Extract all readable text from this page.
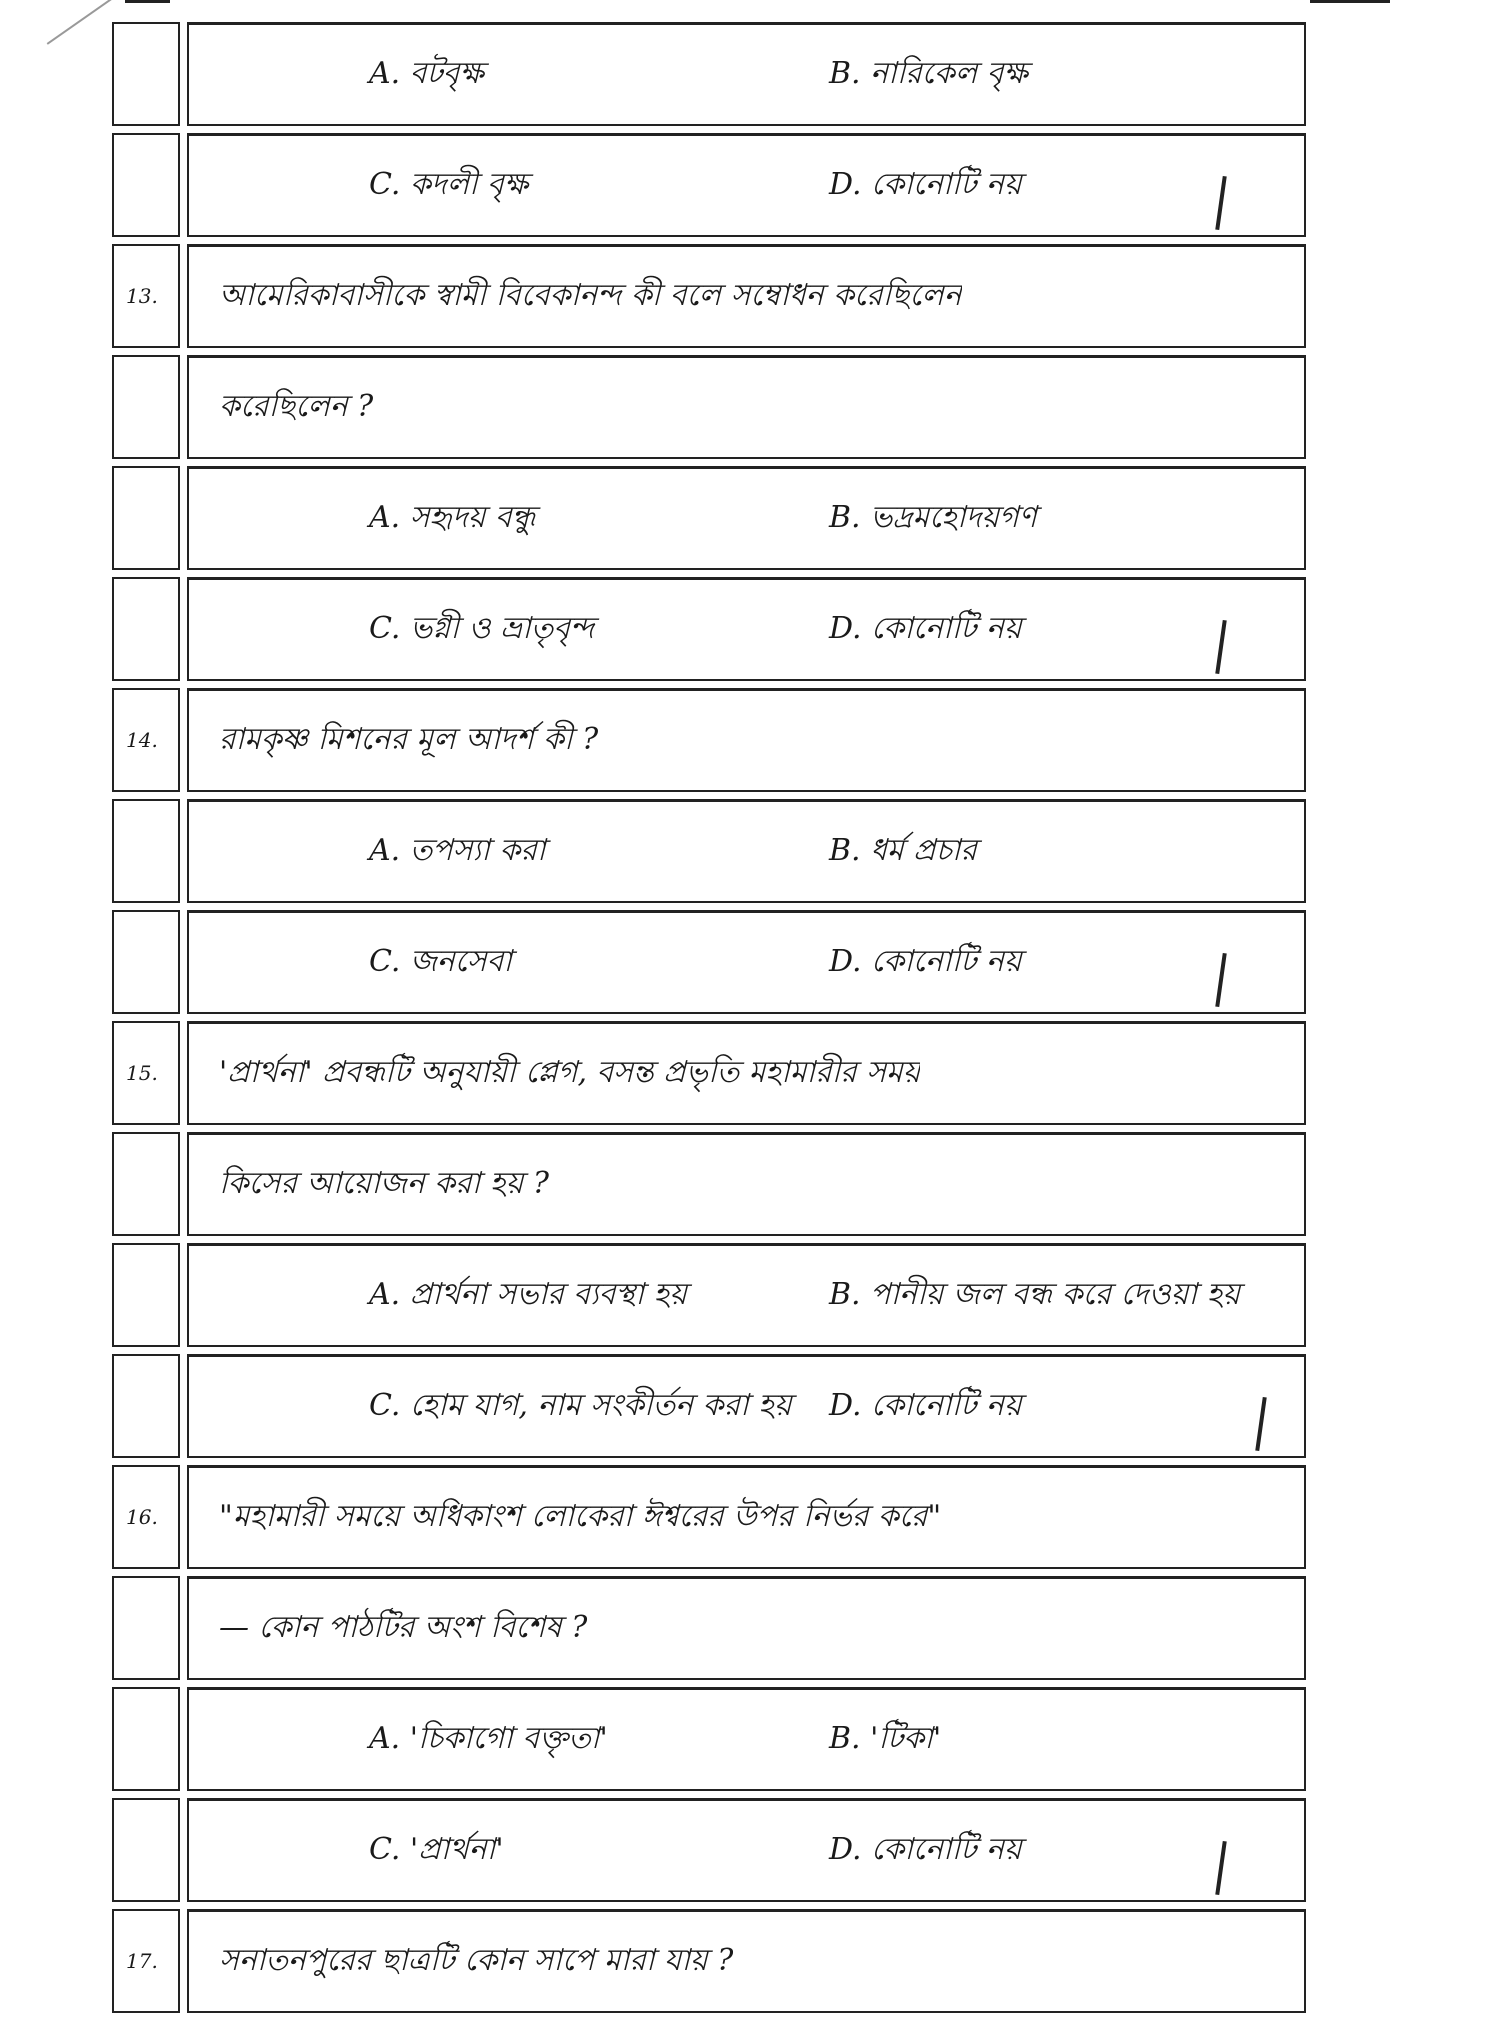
A. বটবৃক্ষ	B. নারিকেল বৃক্ষ
C. কদলী বৃক্ষ	D. কোনোটি নয়
13.	আমেরিকাবাসীকে স্বামী বিবেকানন্দ কী বলে সম্বোধন করেছিলেন
করেছিলেন ?
A. সহৃদয় বন্ধু	B. ভদ্রমহোদয়গণ
C. ভগ্নী ও ভ্রাতৃবৃন্দ	D. কোনোটি নয়
14.	রামকৃষ্ণ মিশনের মূল আদর্শ কী ?
A. তপস্যা করা	B. ধর্ম প্রচার
C. জনসেবা	D. কোনোটি নয়
15.	'প্রার্থনা' প্রবন্ধটি অনুযায়ী প্লেগ, বসন্ত প্রভৃতি মহামারীর সময়
কিসের আয়োজন করা হয় ?
A. প্রার্থনা সভার ব্যবস্থা হয়	B. পানীয় জল বন্ধ করে দেওয়া হয়
C. হোম যাগ, নাম সংকীর্তন করা হয় D. কোনোটি নয়
16.	"মহামারী সময়ে অধিকাংশ লোকেরা ঈশ্বরের উপর নির্ভর করে"
— কোন পাঠটির অংশ বিশেষ ?
A. 'চিকাগো বক্তৃতা'	B. 'টিকা'
C. 'প্রার্থনা'	D. কোনোটি নয়
17.	সনাতনপুরের ছাত্রটি কোন সাপে মারা যায় ?
